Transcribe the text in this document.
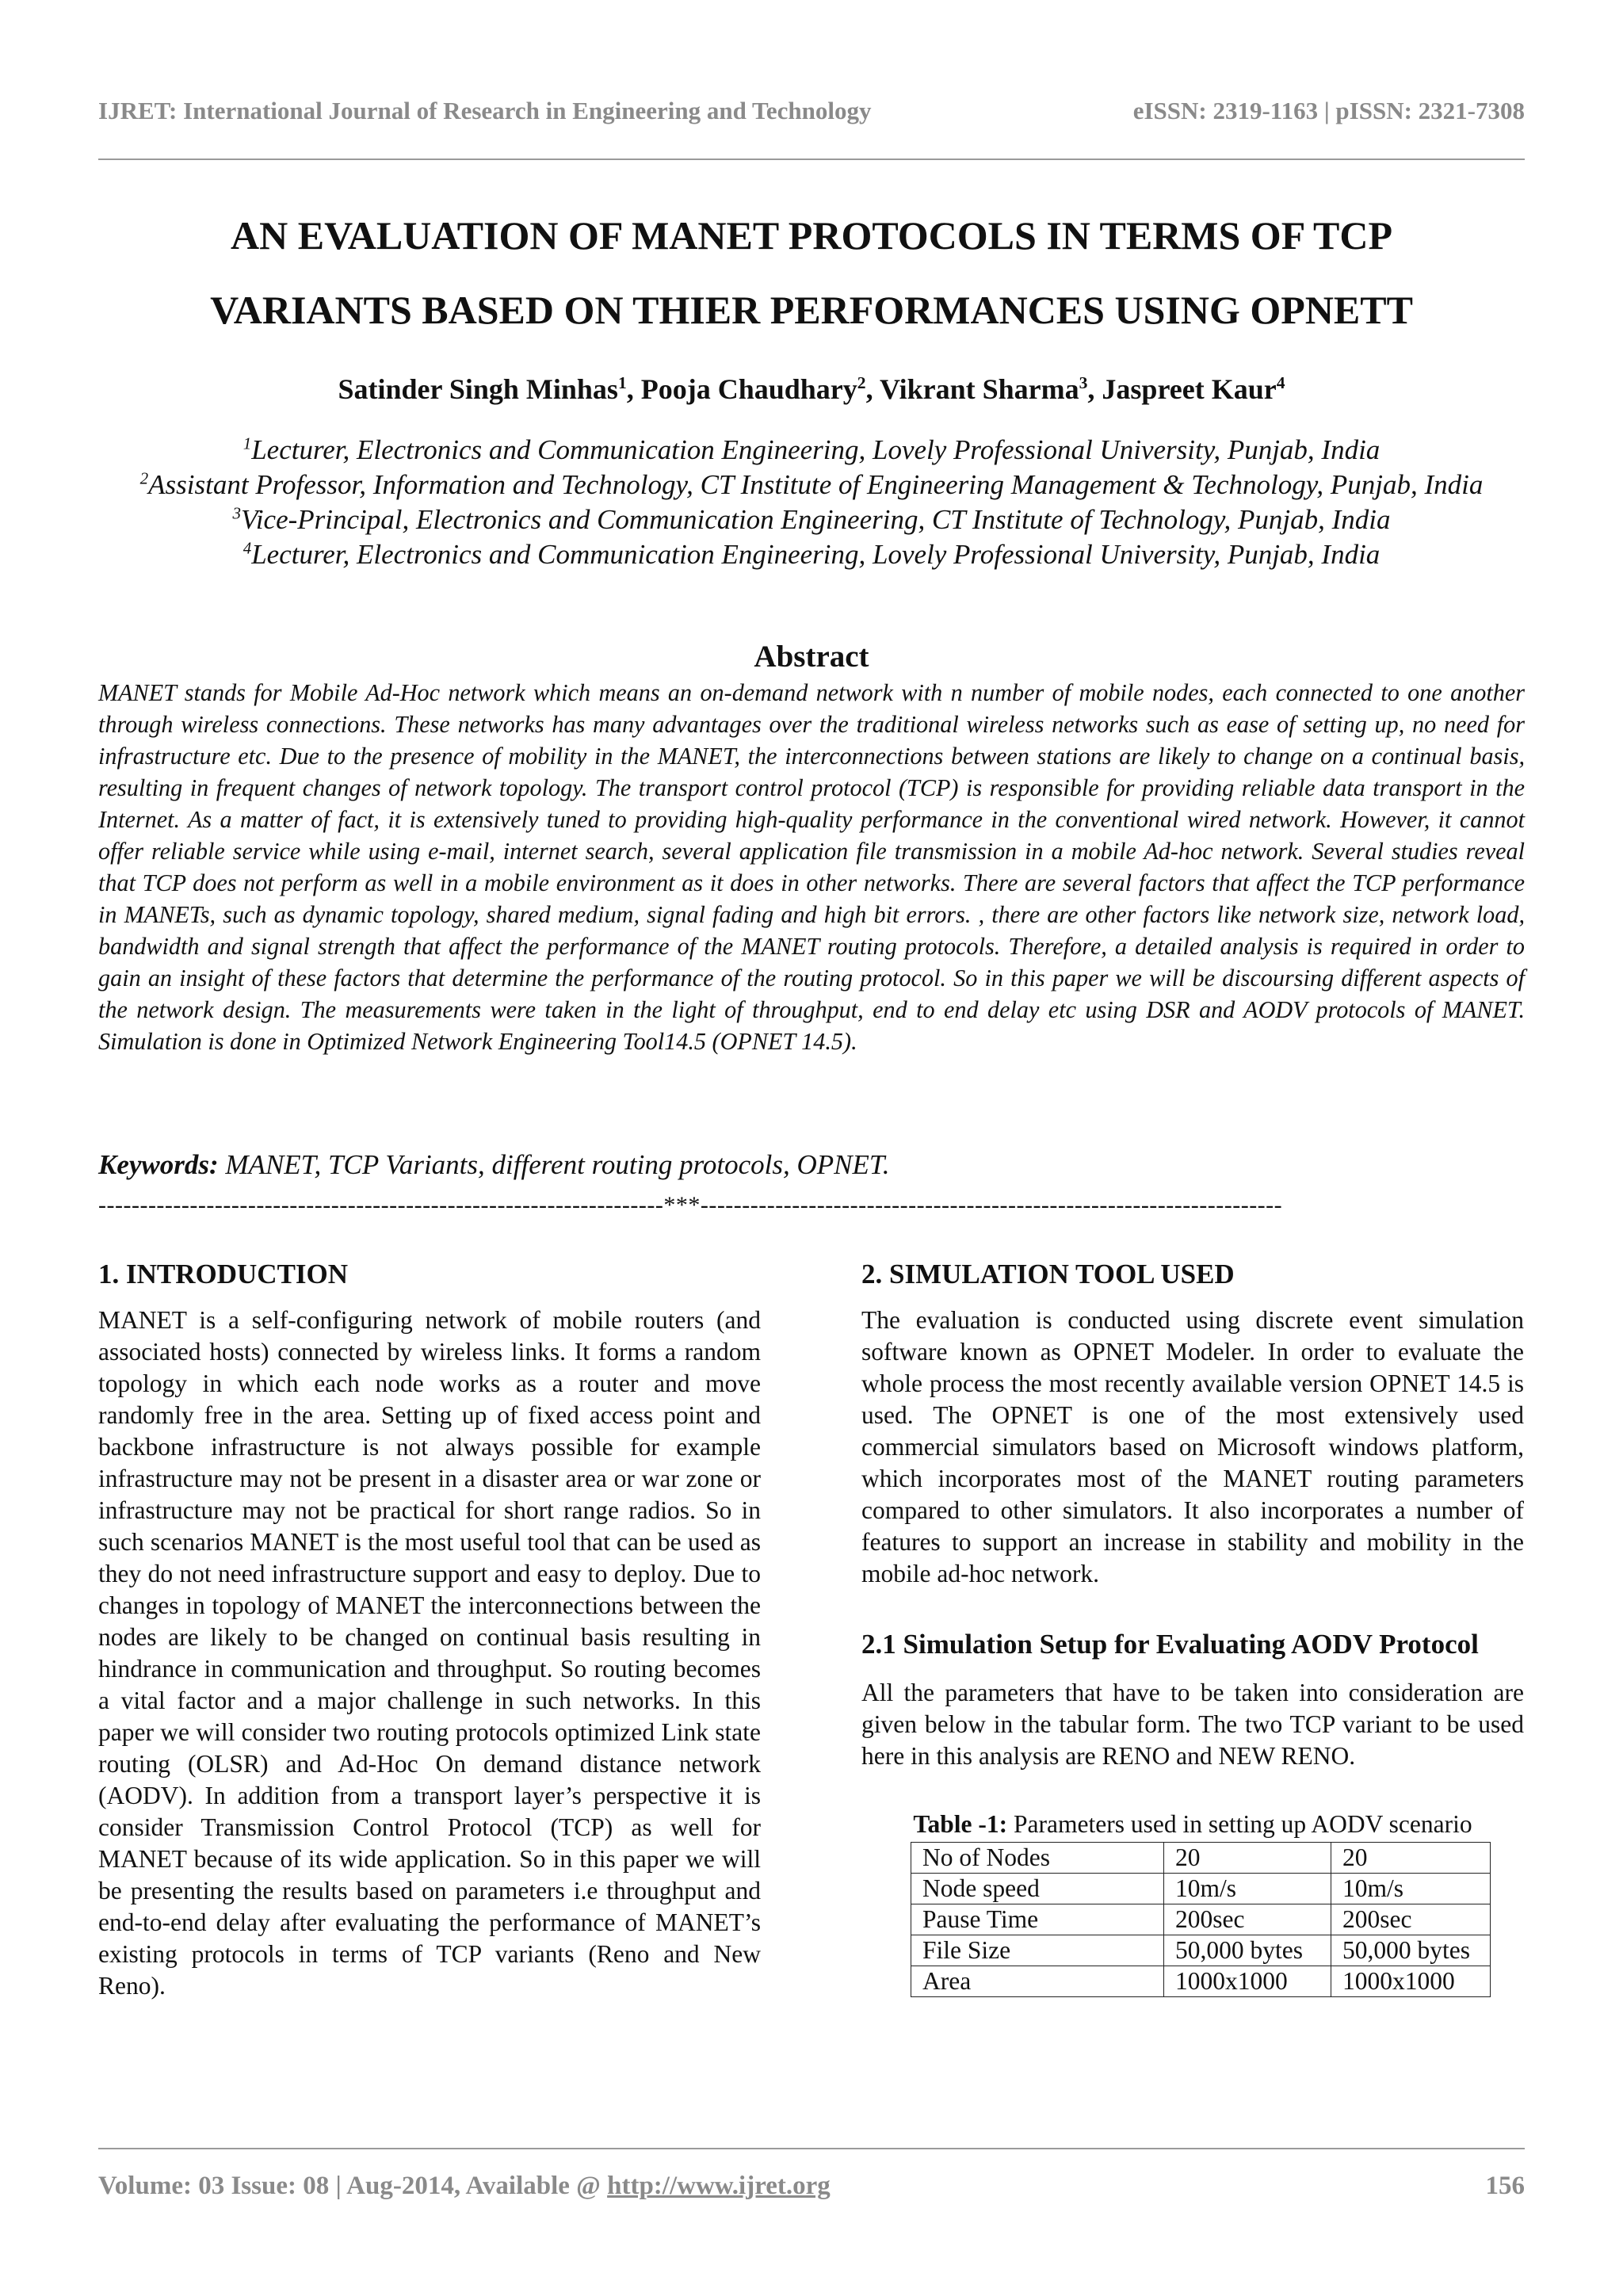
IJRET: International Journal of Research in Engineering and Technology	eISSN: 2319-1163 | pISSN: 2321-7308
AN EVALUATION OF MANET PROTOCOLS IN TERMS OF TCP
VARIANTS BASED ON THIER PERFORMANCES USING OPNETT
Satinder Singh Minhas$^1$, Pooja Chaudhary$^2$, Vikrant Sharma$^3$, Jaspreet Kaur$^4$
$^1$Lecturer, Electronics and Communication Engineering, Lovely Professional University, Punjab, India
$^2$Assistant Professor, Information and Technology, CT Institute of Engineering Management & Technology, Punjab, India
$^3$Vice-Principal, Electronics and Communication Engineering, CT Institute of Technology, Punjab, India
$^4$Lecturer, Electronics and Communication Engineering, Lovely Professional University, Punjab, India
Abstract
MANET stands for Mobile Ad-Hoc network which means an on-demand network with n number of mobile nodes, each connected to one another through wireless connections. These networks has many advantages over the traditional wireless networks such as ease of setting up, no need for infrastructure etc. Due to the presence of mobility in the MANET, the interconnections between stations are likely to change on a continual basis, resulting in frequent changes of network topology. The transport control protocol (TCP) is responsible for providing reliable data transport in the Internet. As a matter of fact, it is extensively tuned to providing high-quality performance in the conventional wired network. However, it cannot offer reliable service while using e-mail, internet search, several application file transmission in a mobile Ad-hoc network. Several studies reveal that TCP does not perform as well in a mobile environment as it does in other networks. There are several factors that affect the TCP performance in MANETs, such as dynamic topology, shared medium, signal fading and high bit errors. , there are other factors like network size, network load, bandwidth and signal strength that affect the performance of the MANET routing protocols. Therefore, a detailed analysis is required in order to gain an insight of these factors that determine the performance of the routing protocol. So in this paper we will be discoursing different aspects of the network design. The measurements were taken in the light of throughput, end to end delay etc using DSR and AODV protocols of MANET. Simulation is done in Optimized Network Engineering Tool14.5 (OPNET 14.5).
Keywords: MANET, TCP Variants, different routing protocols, OPNET.
--------------------------------------------------------------------***----------------------------------------------------------------------
1. INTRODUCTION

MANET is a self-configuring network of mobile routers (and associated hosts) connected by wireless links. It forms a random topology in which each node works as a router and move randomly free in the area. Setting up of fixed access point and backbone infrastructure is not always possible for example infrastructure may not be present in a disaster area or war zone or infrastructure may not be practical for short range radios. So in such scenarios MANET is the most useful tool that can be used as they do not need infrastructure support and easy to deploy. Due to changes in topology of MANET the interconnections between the nodes are likely to be changed on continual basis resulting in hindrance in communication and throughput. So routing becomes a vital factor and a major challenge in such networks. In this paper we will consider two routing protocols optimized Link state routing (OLSR) and Ad-Hoc On demand distance network (AODV). In addition from a transport layer’s perspective it is consider Transmission Control Protocol (TCP) as well for MANET because of its wide application. So in this paper we will be presenting the results based on parameters i.e throughput and end-to-end delay after evaluating the performance of MANET’s existing protocols in terms of TCP variants (Reno and New Reno).

2. SIMULATION TOOL USED

The evaluation is conducted using discrete event simulation software known as OPNET Modeler. In order to evaluate the whole process the most recently available version OPNET 14.5 is used. The OPNET is one of the most extensively used commercial simulators based on Microsoft windows platform, which incorporates most of the MANET routing parameters compared to other simulators. It also incorporates a number of features to support an increase in stability and mobility in the mobile ad-hoc network.

2.1 Simulation Setup for Evaluating AODV Protocol

All the parameters that have to be taken into consideration are given below in the tabular form. The two TCP variant to be used here in this analysis are RENO and NEW RENO.

Table -1: Parameters used in setting up AODV scenario
No of Nodes	20	20
Node speed	10m/s	10m/s
Pause Time	200sec	200sec
File Size	50,000 bytes	50,000 bytes
Area	1000x1000	1000x1000
Volume: 03 Issue: 08 | Aug-2014, Available @ http://www.ijret.org	156
